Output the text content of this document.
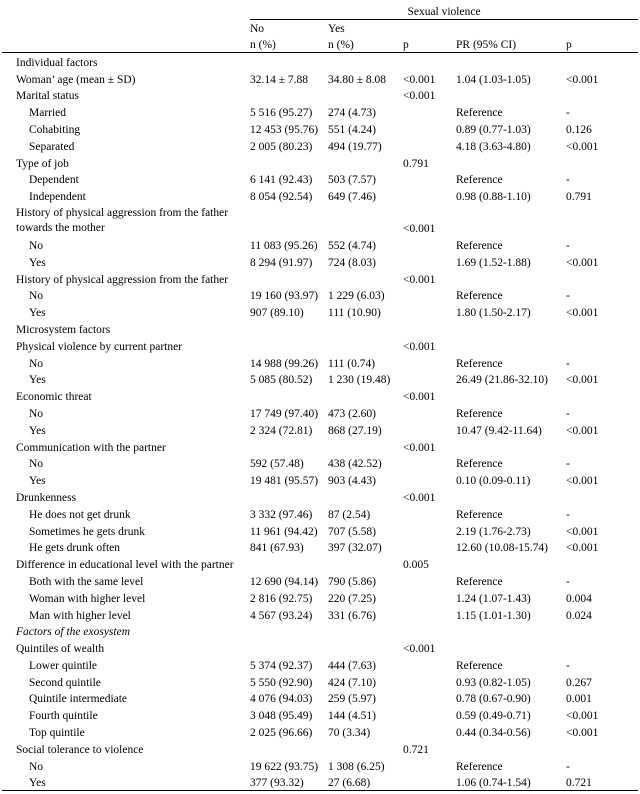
	Sexual violence				
	No	Yes			
	n (%)	n (%)	p	PR (95% CI)	p
Individual factors					
Woman’ age (mean ± SD)	32.14 ± 7.88	34.80 ± 8.08	<0.001	1.04 (1.03-1.05)	<0.001
Marital status			<0.001		
Married	5 516 (95.27)	274 (4.73)		Reference	-
Cohabiting	12 453 (95.76)	551 (4.24)		0.89 (0.77-1.03)	0.126
Separated	2 005 (80.23)	494 (19.77)		4.18 (3.63-4.80)	<0.001
Type of job			0.791		
Dependent	6 141 (92.43)	503 (7.57)		Reference	-
Independent	8 054 (92.54)	649 (7.46)		0.98 (0.88-1.10)	0.791
History of physical aggression from the father towards the mother			<0.001		
No	11 083 (95.26)	552 (4.74)		Reference	-
Yes	8 294 (91.97)	724 (8.03)		1.69 (1.52-1.88)	<0.001
History of physical aggression from the father			<0.001		
No	19 160 (93.97)	1 229 (6.03)		Reference	-
Yes	907 (89.10)	111 (10.90)		1.80 (1.50-2.17)	<0.001
Microsystem factors					
Physical violence by current partner			<0.001		
No	14 988 (99.26)	111 (0.74)		Reference	-
Yes	5 085 (80.52)	1 230 (19.48)		26.49 (21.86-32.10)	<0.001
Economic threat			<0.001		
No	17 749 (97.40)	473 (2.60)		Reference	-
Yes	2 324 (72.81)	868 (27.19)		10.47 (9.42-11.64)	<0.001
Communication with the partner			<0.001		
No	592 (57.48)	438 (42.52)		Reference	-
Yes	19 481 (95.57)	903 (4.43)		0.10 (0.09-0.11)	<0.001
Drunkenness			<0.001		
He does not get drunk	3 332 (97.46)	87 (2.54)		Reference	-
Sometimes he gets drunk	11 961 (94.42)	707 (5.58)		2.19 (1.76-2.73)	<0.001
He gets drunk often	841 (67.93)	397 (32.07)		12.60 (10.08-15.74)	<0.001
Difference in educational level with the partner			0.005		
Both with the same level	12 690 (94.14)	790 (5.86)		Reference	-
Woman with higher level	2 816 (92.75)	220 (7.25)		1.24 (1.07-1.43)	0.004
Man with higher level	4 567 (93.24)	331 (6.76)		1.15 (1.01-1.30)	0.024
Factors of the exosystem					
Quintiles of wealth			<0.001		
Lower quintile	5 374 (92.37)	444 (7.63)		Reference	-
Second quintile	5 550 (92.90)	424 (7.10)		0.93 (0.82-1.05)	0.267
Quintile intermediate	4 076 (94.03)	259 (5.97)		0.78 (0.67-0.90)	0.001
Fourth quintile	3 048 (95.49)	144 (4.51)		0.59 (0.49-0.71)	<0.001
Top quintile	2 025 (96.66)	70 (3.34)		0.44 (0.34-0.56)	<0.001
Social tolerance to violence			0.721		
No	19 622 (93.75)	1 308 (6.25)		Reference	-
Yes	377 (93.32)	27 (6.68)		1.06 (0.74-1.54)	0.721
